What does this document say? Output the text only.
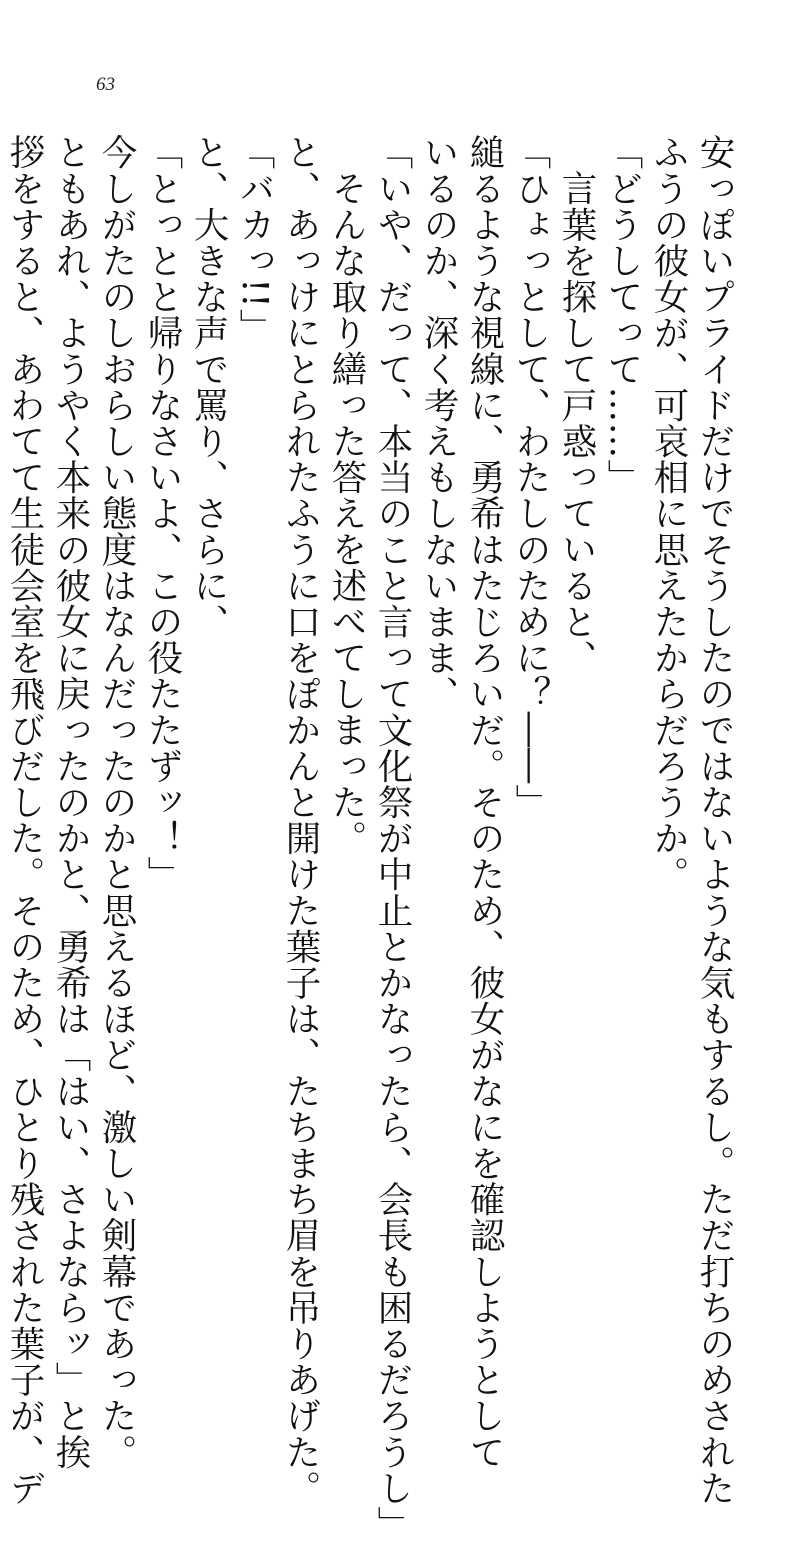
63
安っぽいプライドだけでそうしたのではないような気もするし。ただ打ちのめされた
ふうの彼女が、可哀相に思えたからだろうか。
「どうしてって……」
言葉を探して戸惑っていると、
「ひょっとして、わたしのために？――」
縋るような視線に、勇希はたじろいだ。そのため、彼女がなにを確認しようとして
いるのか、深く考えもしないまま、
「いや、だって、本当のこと言って文化祭が中止とかなったら、会長も困るだろうし」
そんな取り繕った答えを述べてしまった。
と、あっけにとられたふうに口をぽかんと開けた葉子は、たちまち眉を吊りあげた。
「バカっ!!」
と、大きな声で罵り、さらに、
「とっとと帰りなさいよ、この役たたずッ！」
今しがたのしおらしい態度はなんだったのかと思えるほど、激しい剣幕であった。
ともあれ、ようやく本来の彼女に戻ったのかと、勇希は「はい、さよならッ」と挨
拶をすると、あわてて生徒会室を飛びだした。そのため、ひとり残された葉子が、デ
